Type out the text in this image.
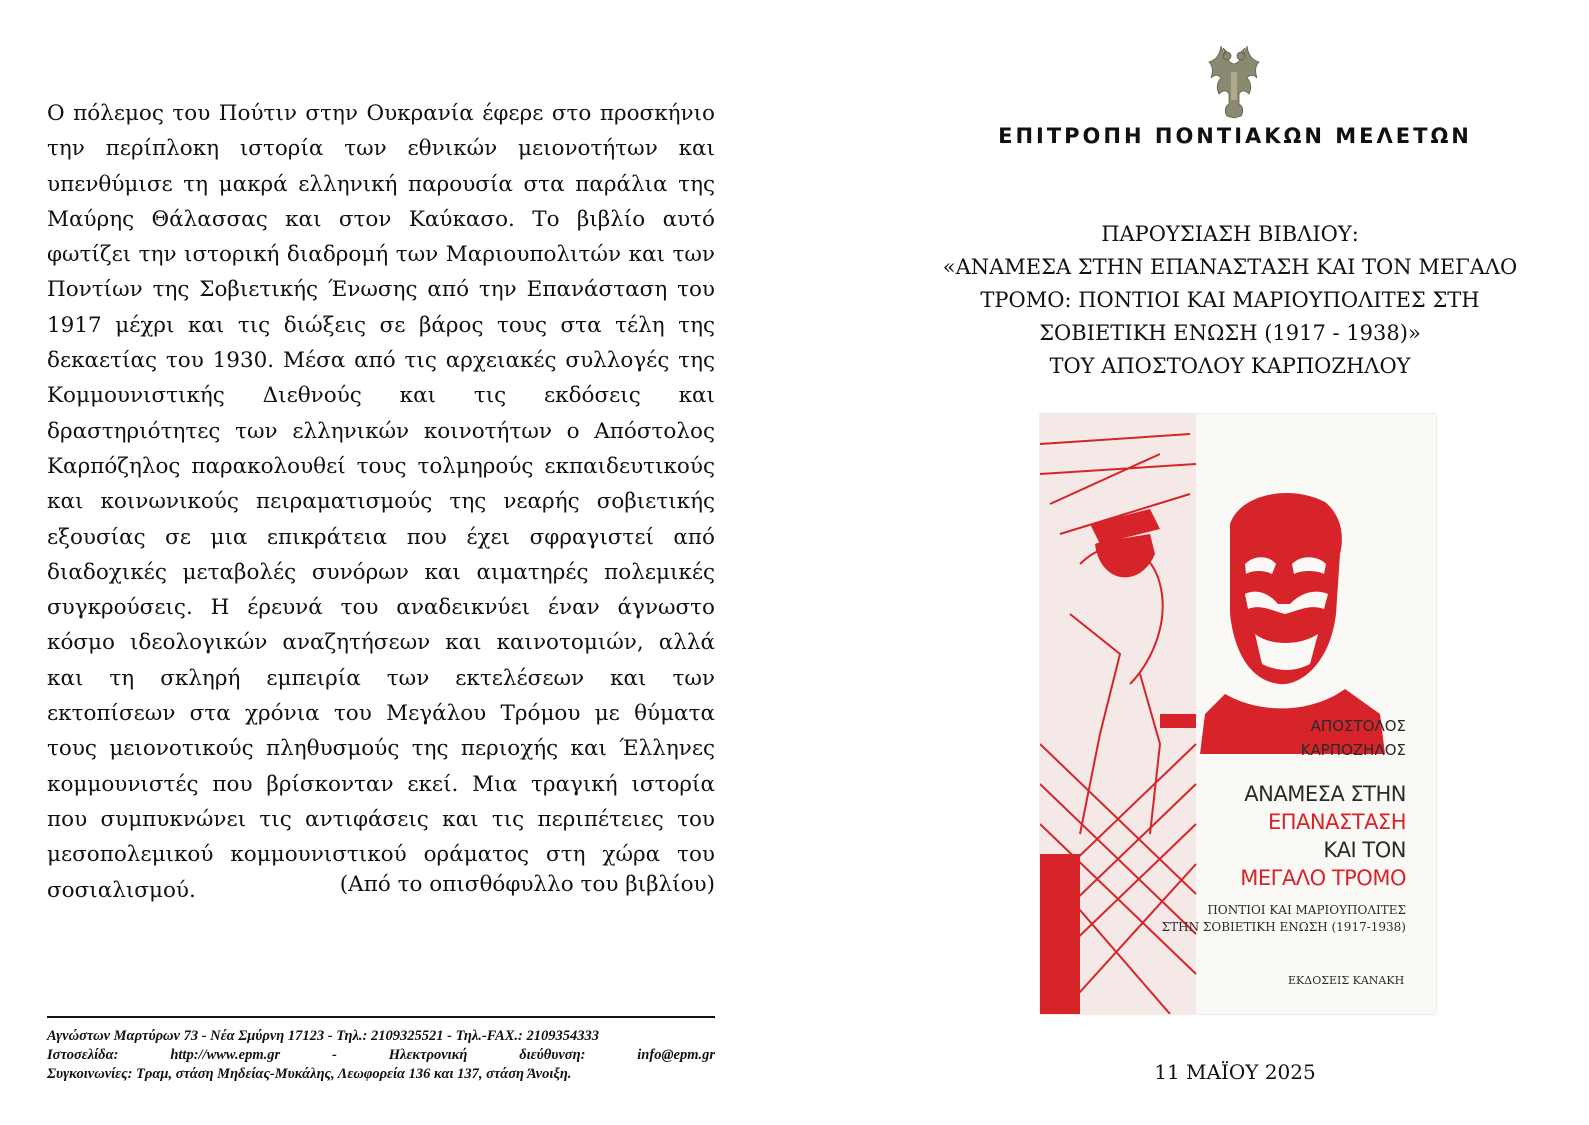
Ο πόλεμος του Πούτιν στην Ουκρανία έφερε στο προσκήνιο την περίπλοκη ιστορία των εθνικών μειονοτήτων και υπενθύμισε τη μακρά ελληνική παρουσία στα παράλια της Μαύρης Θάλασσας και στον Καύκασο. Το βιβλίο αυτό φωτίζει την ιστορική διαδρομή των Μαριουπολιτών και των Ποντίων της Σοβιετικής Ένωσης από την Επανάσταση του 1917 μέχρι και τις διώξεις σε βάρος τους στα τέλη της δεκαετίας του 1930. Μέσα από τις αρχειακές συλλογές της Κομμουνιστικής Διεθνούς και τις εκδόσεις και δραστηριότητες των ελληνικών κοινοτήτων ο Απόστολος Καρπόζηλος παρακολουθεί τους τολμηρούς εκπαιδευτικούς και κοινωνικούς πειραματισμούς της νεαρής σοβιετικής εξουσίας σε μια επικράτεια που έχει σφραγιστεί από διαδοχικές μεταβολές συνόρων και αιματηρές πολεμικές συγκρούσεις. Η έρευνά του αναδεικνύει έναν άγνωστο κόσμο ιδεολογικών αναζητήσεων και καινοτομιών, αλλά και τη σκληρή εμπειρία των εκτελέσεων και των εκτοπίσεων στα χρόνια του Μεγάλου Τρόμου με θύματα τους μειονοτικούς πληθυσμούς της περιοχής και Έλληνες κομμουνιστές που βρίσκονταν εκεί. Μια τραγική ιστορία που συμπυκνώνει τις αντιφάσεις και τις περιπέτειες του μεσοπολεμικού κομμουνιστικού οράματος στη χώρα του σοσιαλισμού.	(Από το οπισθόφυλλο του βιβλίου)
Αγνώστων Μαρτύρων 73 - Νέα Σμύρνη 17123 - Τηλ.: 2109325521 - Τηλ.-FAX.: 2109354333
Ιστοσελίδα: http://www.epm.gr - Ηλεκτρονική διεύθυνση: info@epm.gr
Συγκοινωνίες: Τραμ, στάση Μηδείας-Μυκάλης, Λεωφορεία 136 και 137, στάση Άνοιξη.
ΕΠΙΤΡΟΠΗ ΠΟΝΤΙΑΚΩΝ ΜΕΛΕΤΩΝ
ΠΑΡΟΥΣΙΑΣΗ ΒΙΒΛΙΟΥ:
«ΑΝΑΜΕΣΑ ΣΤΗΝ ΕΠΑΝΑΣΤΑΣΗ ΚΑΙ ΤΟΝ ΜΕΓΑΛΟ
ΤΡΟΜΟ: ΠΟΝΤΙΟΙ ΚΑΙ ΜΑΡΙΟΥΠΟΛΙΤΕΣ ΣΤΗ
ΣΟΒΙΕΤΙΚΗ ΕΝΩΣΗ (1917 - 1938)»
ΤΟΥ ΑΠΟΣΤΟΛΟΥ ΚΑΡΠΟΖΗΛΟΥ
ΑΠΟΣΤΟΛΟΣ
ΚΑΡΠΟΖΗΛΟΣ
ΑΝΑΜΕΣΑ ΣΤΗΝ
ΕΠΑΝΑΣΤΑΣΗ
ΚΑΙ ΤΟΝ
ΜΕΓΑΛΟ ΤΡΟΜΟ
ΠΟΝΤΙΟΙ ΚΑΙ ΜΑΡΙΟΥΠΟΛΙΤΕΣ
ΣΤΗΝ ΣΟΒΙΕΤΙΚΗ ΕΝΩΣΗ (1917-1938)
ΕΚΔΟΣΕΙΣ ΚΑΝΑΚΗ
11 ΜΑΪΟΥ 2025
